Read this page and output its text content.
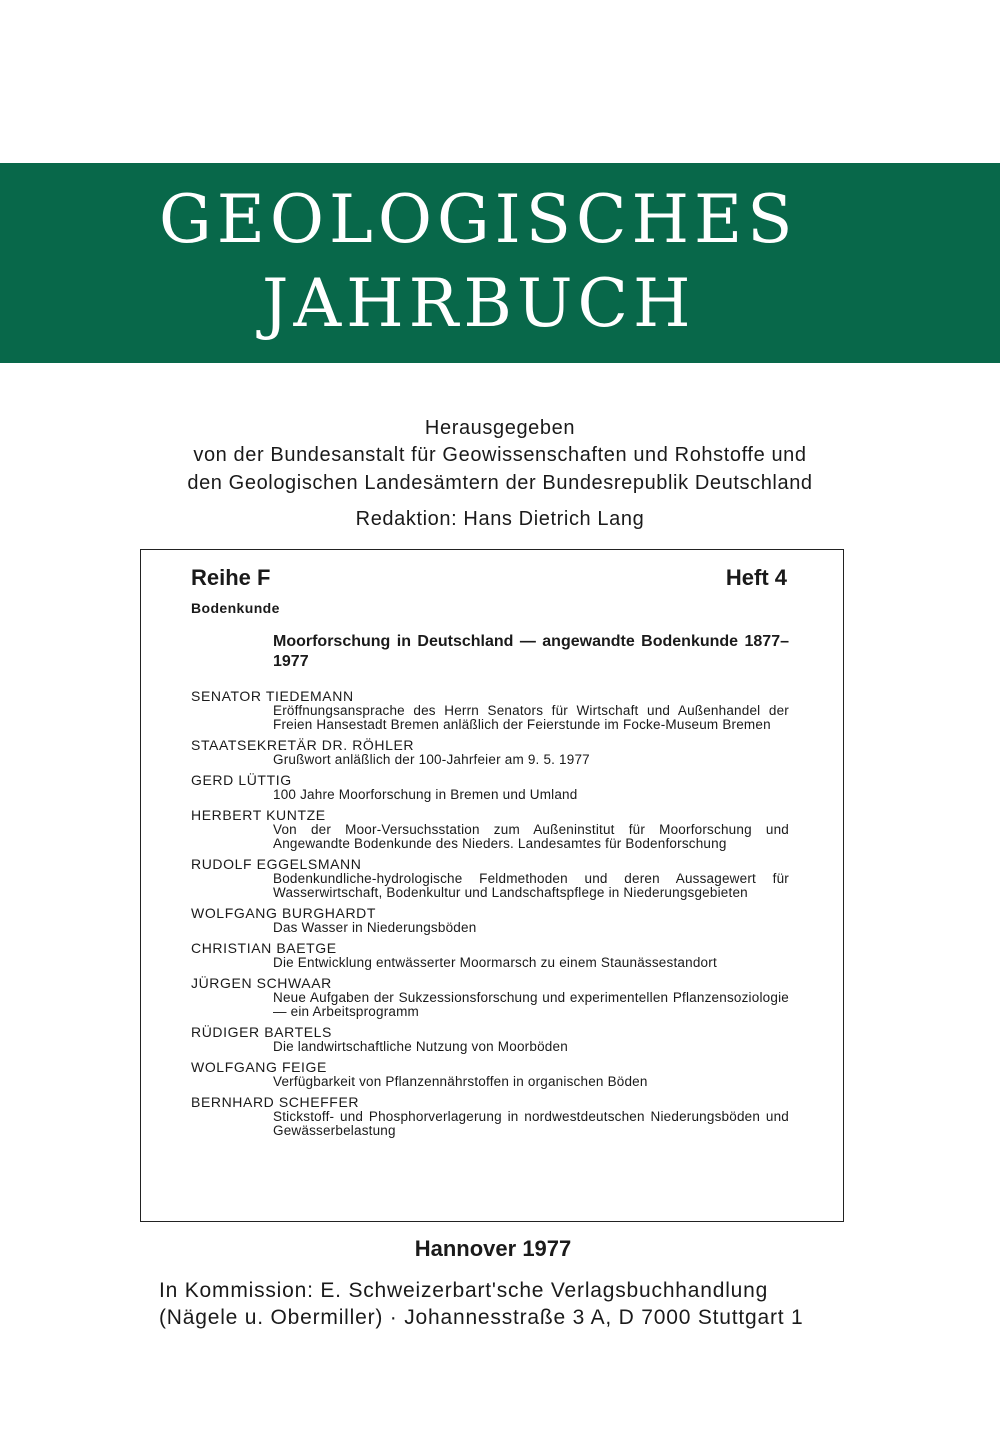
GEOLOGISCHES
JAHRBUCH
Herausgegeben
von der Bundesanstalt für Geowissenschaften und Rohstoffe und
den Geologischen Landesämtern der Bundesrepublik Deutschland
Redaktion: Hans Dietrich Lang
Reihe F	Heft 4
Bodenkunde
Moorforschung in Deutschland — angewandte Bodenkunde 1877–1977
SENATOR TIEDEMANN
Eröffnungsansprache des Herrn Senators für Wirtschaft und Außenhandel der Freien Hansestadt Bremen anläßlich der Feierstunde im Focke-Museum Bremen
STAATSEKRETÄR DR. RÖHLER
Grußwort anläßlich der 100-Jahrfeier am 9. 5. 1977
GERD LÜTTIG
100 Jahre Moorforschung in Bremen und Umland
HERBERT KUNTZE
Von der Moor-Versuchsstation zum Außeninstitut für Moorforschung und Angewandte Bodenkunde des Nieders. Landesamtes für Bodenforschung
RUDOLF EGGELSMANN
Bodenkundliche-hydrologische Feldmethoden und deren Aussagewert für Wasserwirtschaft, Bodenkultur und Landschaftspflege in Niederungsgebieten
WOLFGANG BURGHARDT
Das Wasser in Niederungsböden
CHRISTIAN BAETGE
Die Entwicklung entwässerter Moormarsch zu einem Staunässestandort
JÜRGEN SCHWAAR
Neue Aufgaben der Sukzessionsforschung und experimentellen Pflanzensoziologie — ein Arbeitsprogramm
RÜDIGER BARTELS
Die landwirtschaftliche Nutzung von Moorböden
WOLFGANG FEIGE
Verfügbarkeit von Pflanzennährstoffen in organischen Böden
BERNHARD SCHEFFER
Stickstoff- und Phosphorverlagerung in nordwestdeutschen Niederungsböden und Gewässerbelastung
Hannover 1977
In Kommission: E. Schweizerbart'sche Verlagsbuchhandlung
(Nägele u. Obermiller) · Johannesstraße 3 A, D 7000 Stuttgart 1
